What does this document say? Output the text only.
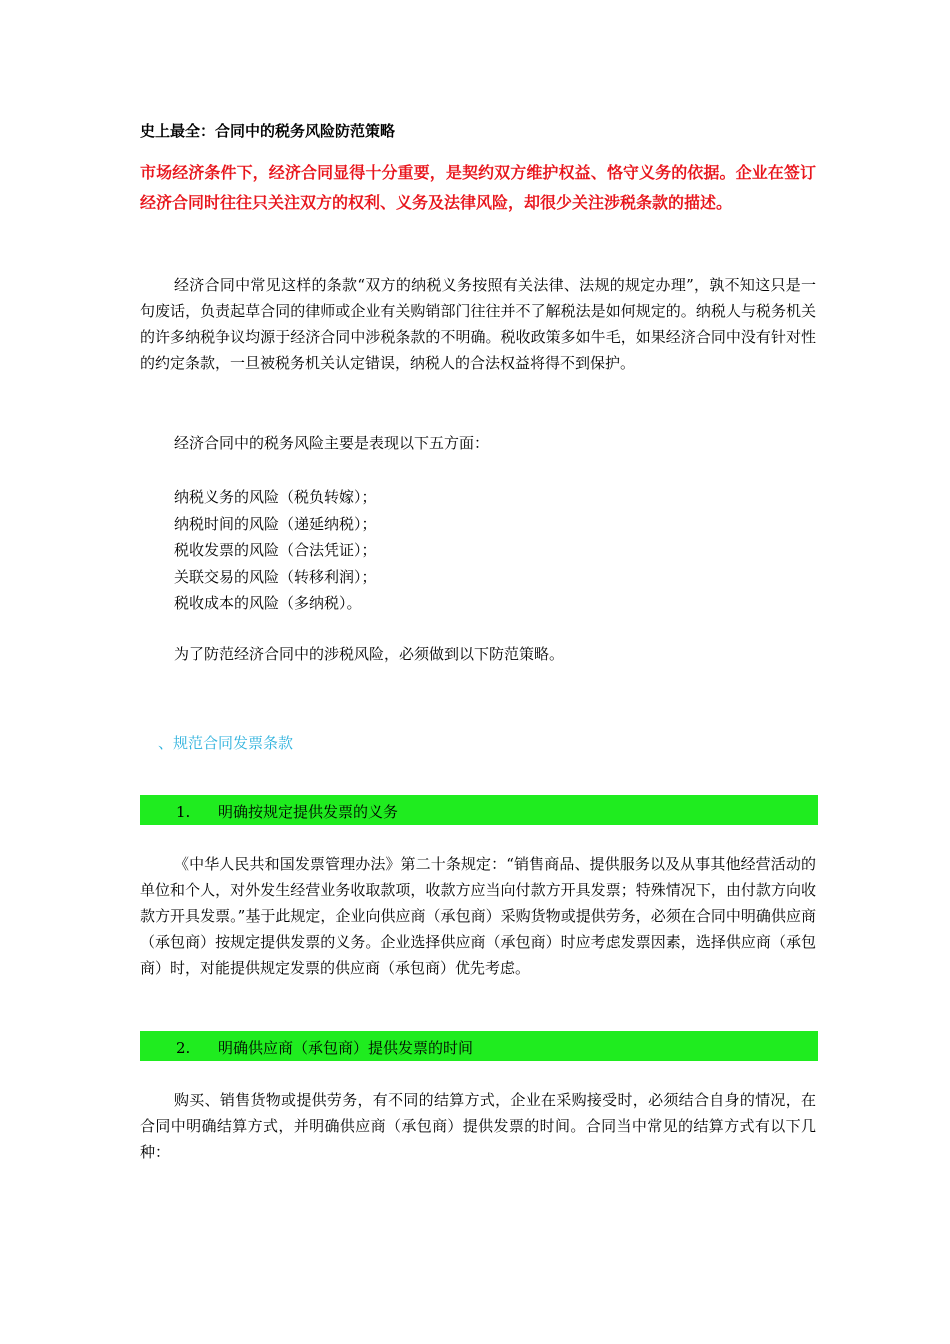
史上最全：合同中的税务风险防范策略
市场经济条件下，经济合同显得十分重要，是契约双方维护权益、恪守义务的依据。企业在签订经济合同时往往只关注双方的权利、义务及法律风险，却很少关注涉税条款的描述。
经济合同中常见这样的条款“双方的纳税义务按照有关法律、法规的规定办理”，孰不知这只是一句废话，负责起草合同的律师或企业有关购销部门往往并不了解税法是如何规定的。纳税人与税务机关的许多纳税争议均源于经济合同中涉税条款的不明确。税收政策多如牛毛，如果经济合同中没有针对性的约定条款，一旦被税务机关认定错误，纳税人的合法权益将得不到保护。
经济合同中的税务风险主要是表现以下五方面：
纳税义务的风险（税负转嫁）；
纳税时间的风险（递延纳税）；
税收发票的风险（合法凭证）；
关联交易的风险（转移利润）；
税收成本的风险（多纳税）。
为了防范经济合同中的涉税风险，必须做到以下防范策略。
、规范合同发票条款
1. 明确按规定提供发票的义务
《中华人民共和国发票管理办法》第二十条规定：“销售商品、提供服务以及从事其他经营活动的单位和个人，对外发生经营业务收取款项，收款方应当向付款方开具发票；特殊情况下，由付款方向收款方开具发票。”基于此规定，企业向供应商（承包商）采购货物或提供劳务，必须在合同中明确供应商（承包商）按规定提供发票的义务。企业选择供应商（承包商）时应考虑发票因素，选择供应商（承包商）时，对能提供规定发票的供应商（承包商）优先考虑。
2. 明确供应商（承包商）提供发票的时间
购买、销售货物或提供劳务，有不同的结算方式，企业在采购接受时，必须结合自身的情况，在合同中明确结算方式，并明确供应商（承包商）提供发票的时间。合同当中常见的结算方式有以下几种：
